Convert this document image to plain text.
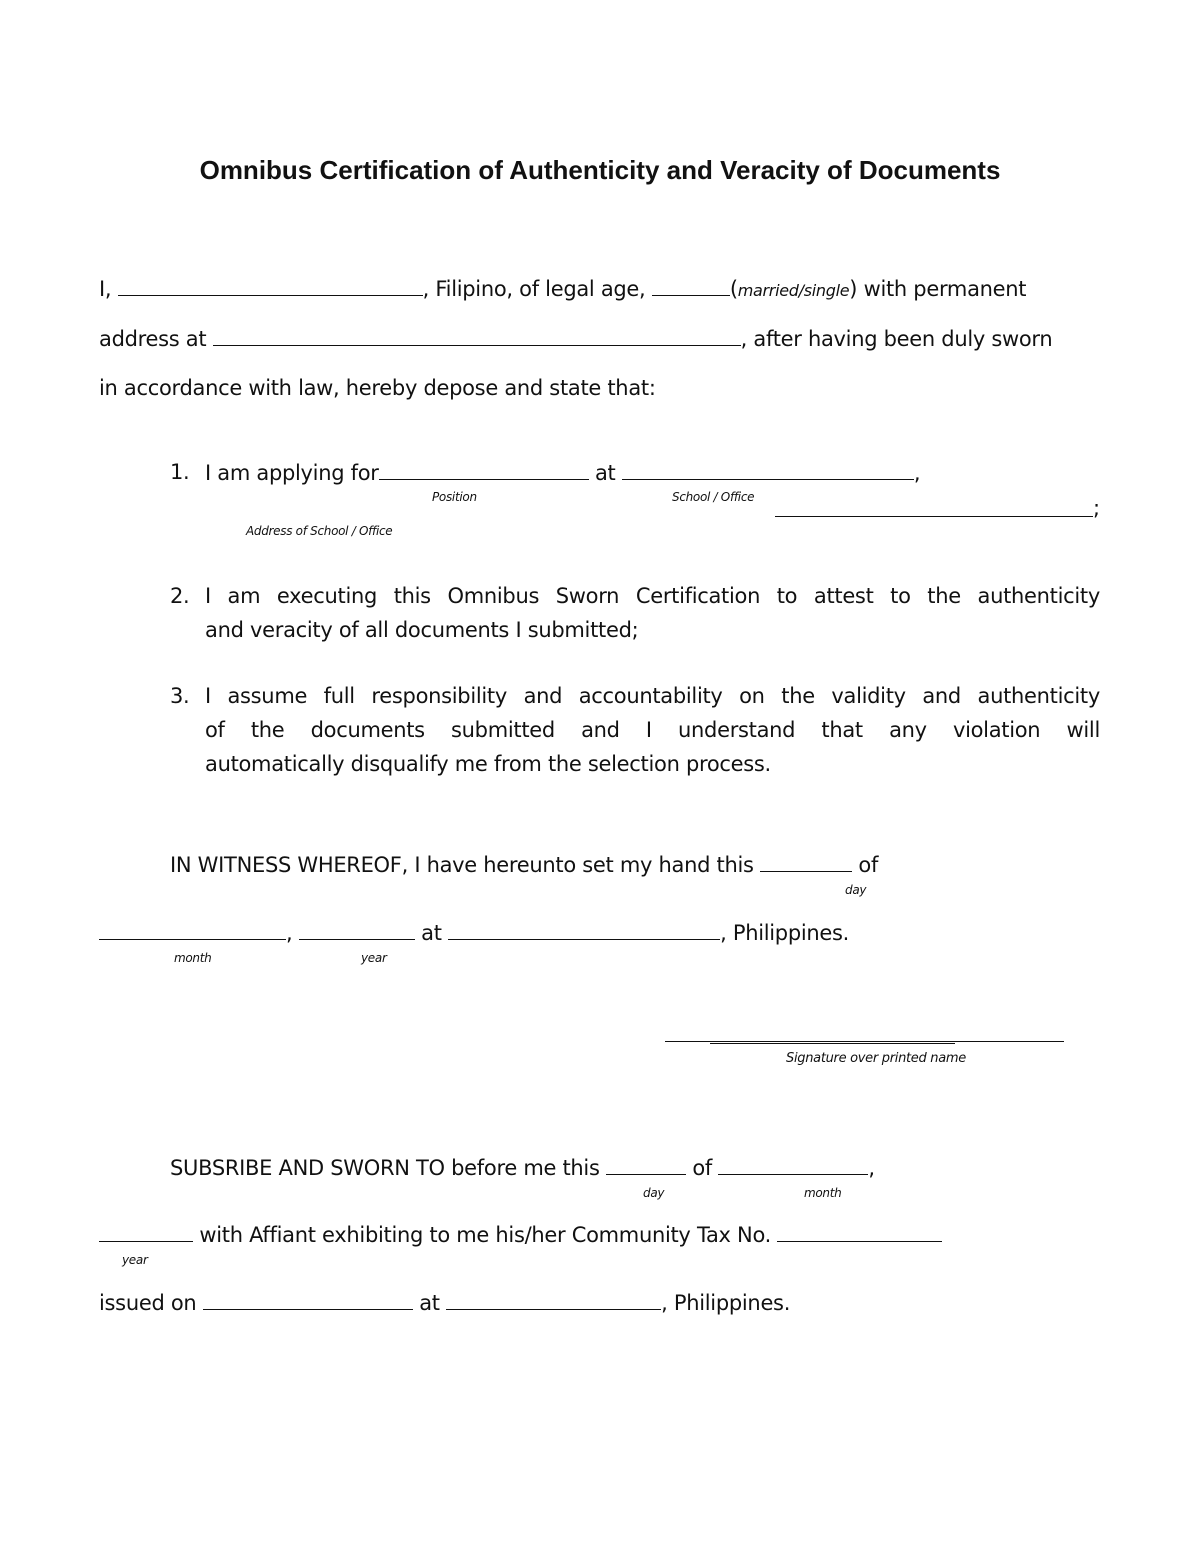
Omnibus Certification of Authenticity and Veracity of Documents
I,	, Filipino, of legal age,	(married/single) with permanent
address at	, after having been duly sworn
in accordance with law, hereby depose and state that:
1. I am applying for	at	,
Position	School / Office	;
Address of School / Office
2. I am executing this Omnibus Sworn Certification to attest to the authenticity
and veracity of all documents I submitted;
3. I assume full responsibility and accountability on the validity and authenticity
of the documents submitted and I understand that any violation will
automatically disqualify me from the selection process.
IN WITNESS WHEREOF, I have hereunto set my hand this	of
day
,	at	, Philippines.
month	year
Signature over printed name
SUBSRIBE AND SWORN TO before me this	of	,
day	month
with Affiant exhibiting to me his/her Community Tax No.
year
issued on	at	, Philippines.
